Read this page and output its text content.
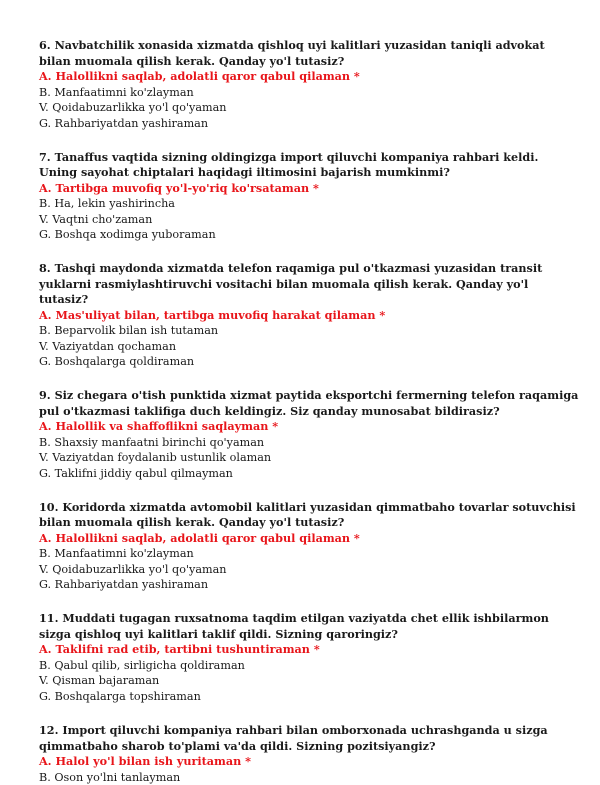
6. Navbatchilik xonasida xizmatda qishloq uyi kalitlari yuzasidan taniqli advokat
bilan muomala qilish kerak. Qanday yo'l tutasiz?
A. Halollikni saqlab, adolatli qaror qabul qilaman *
B. Manfaatimni ko'zlayman
V. Qoidabuzarlikka yo'l qo'yaman
G. Rahbariyatdan yashiraman
7. Tanaffus vaqtida sizning oldingizga import qiluvchi kompaniya rahbari keldi.
Uning sayohat chiptalari haqidagi iltimosini bajarish mumkinmi?
A. Tartibga muvofiq yo'l-yo'riq ko'rsataman *
B. Ha, lekin yashirincha
V. Vaqtni cho'zaman
G. Boshqa xodimga yuboraman
8. Tashqi maydonda xizmatda telefon raqamiga pul o'tkazmasi yuzasidan transit
yuklarni rasmiylashtiruvchi vositachi bilan muomala qilish kerak. Qanday yo'l
tutasiz?
A. Mas'uliyat bilan, tartibga muvofiq harakat qilaman *
B. Beparvolik bilan ish tutaman
V. Vaziyatdan qochaman
G. Boshqalarga qoldiraman
9. Siz chegara o'tish punktida xizmat paytida eksportchi fermerning telefon raqamiga
pul o'tkazmasi taklifiga duch keldingiz. Siz qanday munosabat bildirasiz?
A. Halollik va shaffoflikni saqlayman *
B. Shaxsiy manfaatni birinchi qo'yaman
V. Vaziyatdan foydalanib ustunlik olaman
G. Taklifni jiddiy qabul qilmayman
10. Koridorda xizmatda avtomobil kalitlari yuzasidan qimmatbaho tovarlar sotuvchisi
bilan muomala qilish kerak. Qanday yo'l tutasiz?
A. Halollikni saqlab, adolatli qaror qabul qilaman *
B. Manfaatimni ko'zlayman
V. Qoidabuzarlikka yo'l qo'yaman
G. Rahbariyatdan yashiraman
11. Muddati tugagan ruxsatnoma taqdim etilgan vaziyatda chet ellik ishbilarmon
sizga qishloq uyi kalitlari taklif qildi. Sizning qaroringiz?
A. Taklifni rad etib, tartibni tushuntiraman *
B. Qabul qilib, sirligicha qoldiraman
V. Qisman bajaraman
G. Boshqalarga topshiraman
12. Import qiluvchi kompaniya rahbari bilan omborxonada uchrashganda u sizga
qimmatbaho sharob to'plami va'da qildi. Sizning pozitsiyangiz?
A. Halol yo'l bilan ish yuritaman *
B. Oson yo'lni tanlayman
